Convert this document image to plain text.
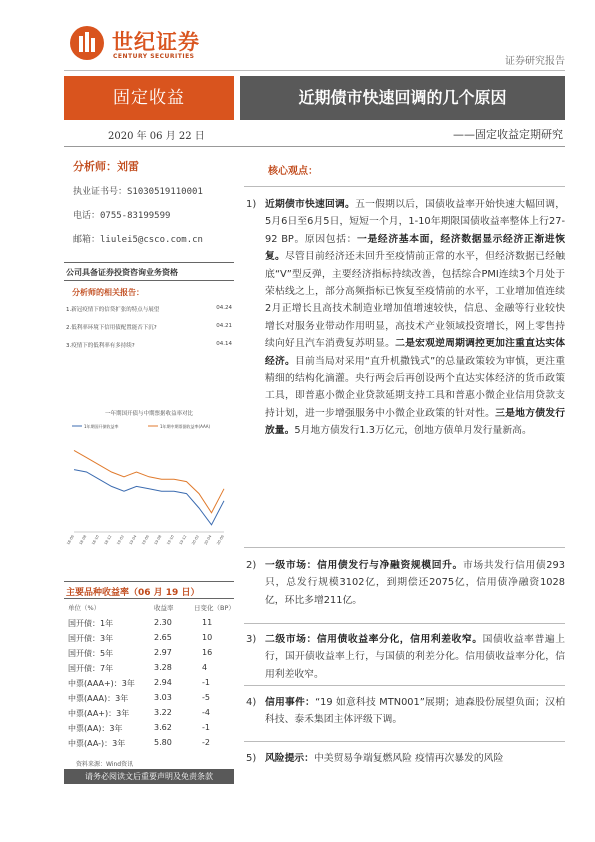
世纪证券
CENTURY SECURITIES	证券研究报告
固定收益	近期债市快速回调的几个原因
2020 年 06 月 22 日	——固定收益定期研究
分析师：刘雷
执业证书号：S1030519110001
电话：0755-83199599
邮箱：liulei5@csco.com.cn
公司具备证券投资咨询业务资格
分析师的相关报告：
1.新冠疫情下的信贷扩张的特点与展望	04.24
2.低利率环境下信用债配置能否下沉?	04.21
3.疫情下的低利率有多持续?	04.14
一年期国开债与中期票据收益率对比
1年期国开债收益率	1年期中期票据收益率(AAA)
18-06 18-08 18-10 18-12 19-02 19-04 19-06 19-08 19-10 19-12 20-02 20-04 20-06
主要品种收益率（06 月 19 日）
单位（%）	收益率	日变化（BP）
国开债：1年	2.30	11
国开债：3年	2.65	10
国开债：5年	2.97	16
国开债：7年	3.28	4
中票(AAA+)：3年 2.94	-1
中票(AAA)：3年	3.03	-5
中票(AA+)：3年	3.22	-4
中票(AA)：3年	3.62	-1
中票(AA-)：3年	5.80	-2
资料来源：Wind资讯
请务必阅读文后重要声明及免责条款
核心观点：
1) 近期债市快速回调。五一假期以后，国债收益率开始快速大幅回调，5月6日至6月5日，短短一个月，1-10年期限国债收益率整体上行27-92 BP。原因包括：一是经济基本面，经济数据显示经济正渐进恢复。尽管目前经济还未回升至疫情前正常的水平，但经济数据已经触底“V”型反弹，主要经济指标持续改善，包括综合PMI连续3个月处于荣枯线之上，部分高频指标已恢复至疫情前的水平，工业增加值连续2月正增长且高技术制造业增加值增速较快，信息、金融等行业较快增长对服务业带动作用明显，高技术产业领域投资增长，网上零售持续向好且汽车消费复苏明显。二是宏观逆周期调控更加注重直达实体经济。目前当局对采用“直升机撒钱式”的总量政策较为审慎，更注重精细的结构化滴灌。央行两会后再创设两个直达实体经济的货币政策工具，即普惠小微企业贷款延期支持工具和普惠小微企业信用贷款支持计划，进一步增强服务中小微企业政策的针对性。三是地方债发行放量。5月地方债发行1.3万亿元，创地方债单月发行量新高。
2) 一级市场：信用债发行与净融资规模回升。市场共发行信用债293只，总发行规模3102亿，到期偿还2075亿，信用债净融资1028亿，环比多增211亿。
3) 二级市场：信用债收益率分化，信用利差收窄。国债收益率普遍上行，国开债收益率上行，与国债的利差分化。信用债收益率分化，信用利差收窄。
4) 信用事件：“19 如意科技 MTN001”展期；迪森股份展望负面；汉柏科技、泰禾集团主体评级下调。
5) 风险提示：中美贸易争端复燃风险 疫情再次暴发的风险
